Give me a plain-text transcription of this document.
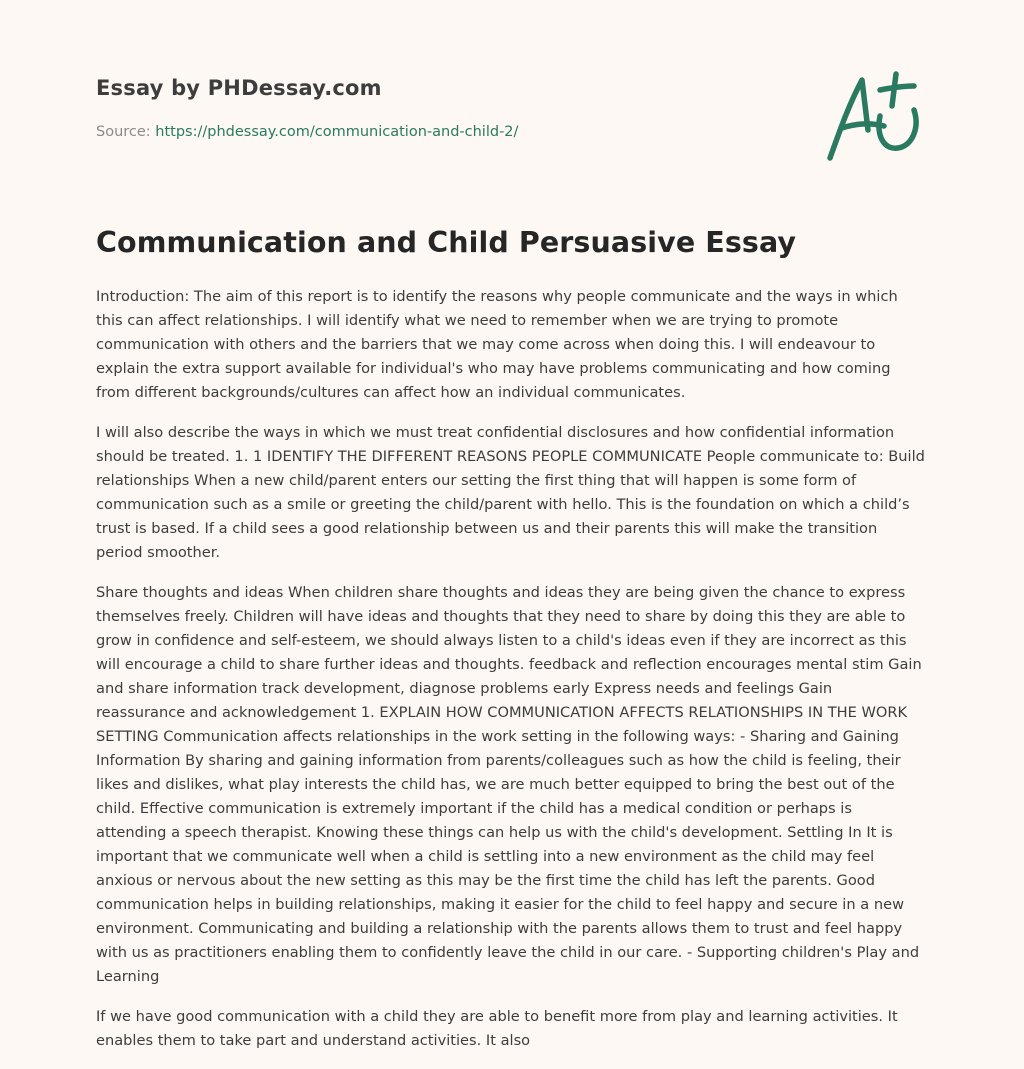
Essay by PHDessay.com

Source: https://phdessay.com/communication-and-child-2/

Communication and Child Persuasive Essay

Introduction: The aim of this report is to identify the reasons why people communicate and the ways in which this can affect relationships. I will identify what we need to remember when we are trying to promote communication with others and the barriers that we may come across when doing this. I will endeavour to explain the extra support available for individual's who may have problems communicating and how coming from different backgrounds/cultures can affect how an individual communicates.

I will also describe the ways in which we must treat confidential disclosures and how confidential information should be treated. 1. 1 IDENTIFY THE DIFFERENT REASONS PEOPLE COMMUNICATE People communicate to: Build relationships When a new child/parent enters our setting the first thing that will happen is some form of communication such as a smile or greeting the child/parent with hello. This is the foundation on which a child’s trust is based. If a child sees a good relationship between us and their parents this will make the transition period smoother.

Share thoughts and ideas When children share thoughts and ideas they are being given the chance to express themselves freely. Children will have ideas and thoughts that they need to share by doing this they are able to grow in confidence and self-esteem, we should always listen to a child's ideas even if they are incorrect as this will encourage a child to share further ideas and thoughts. feedback and reflection encourages mental stim Gain and share information track development, diagnose problems early Express needs and feelings Gain reassurance and acknowledgement 1. EXPLAIN HOW COMMUNICATION AFFECTS RELATIONSHIPS IN THE WORK SETTING Communication affects relationships in the work setting in the following ways: - Sharing and Gaining Information By sharing and gaining information from parents/colleagues such as how the child is feeling, their likes and dislikes, what play interests the child has, we are much better equipped to bring the best out of the child. Effective communication is extremely important if the child has a medical condition or perhaps is attending a speech therapist. Knowing these things can help us with the child's development. Settling In It is important that we communicate well when a child is settling into a new environment as the child may feel anxious or nervous about the new setting as this may be the first time the child has left the parents. Good communication helps in building relationships, making it easier for the child to feel happy and secure in a new environment. Communicating and building a relationship with the parents allows them to trust and feel happy with us as practitioners enabling them to confidently leave the child in our care. - Supporting children's Play and Learning

If we have good communication with a child they are able to benefit more from play and learning activities. It enables them to take part and understand activities. It also
